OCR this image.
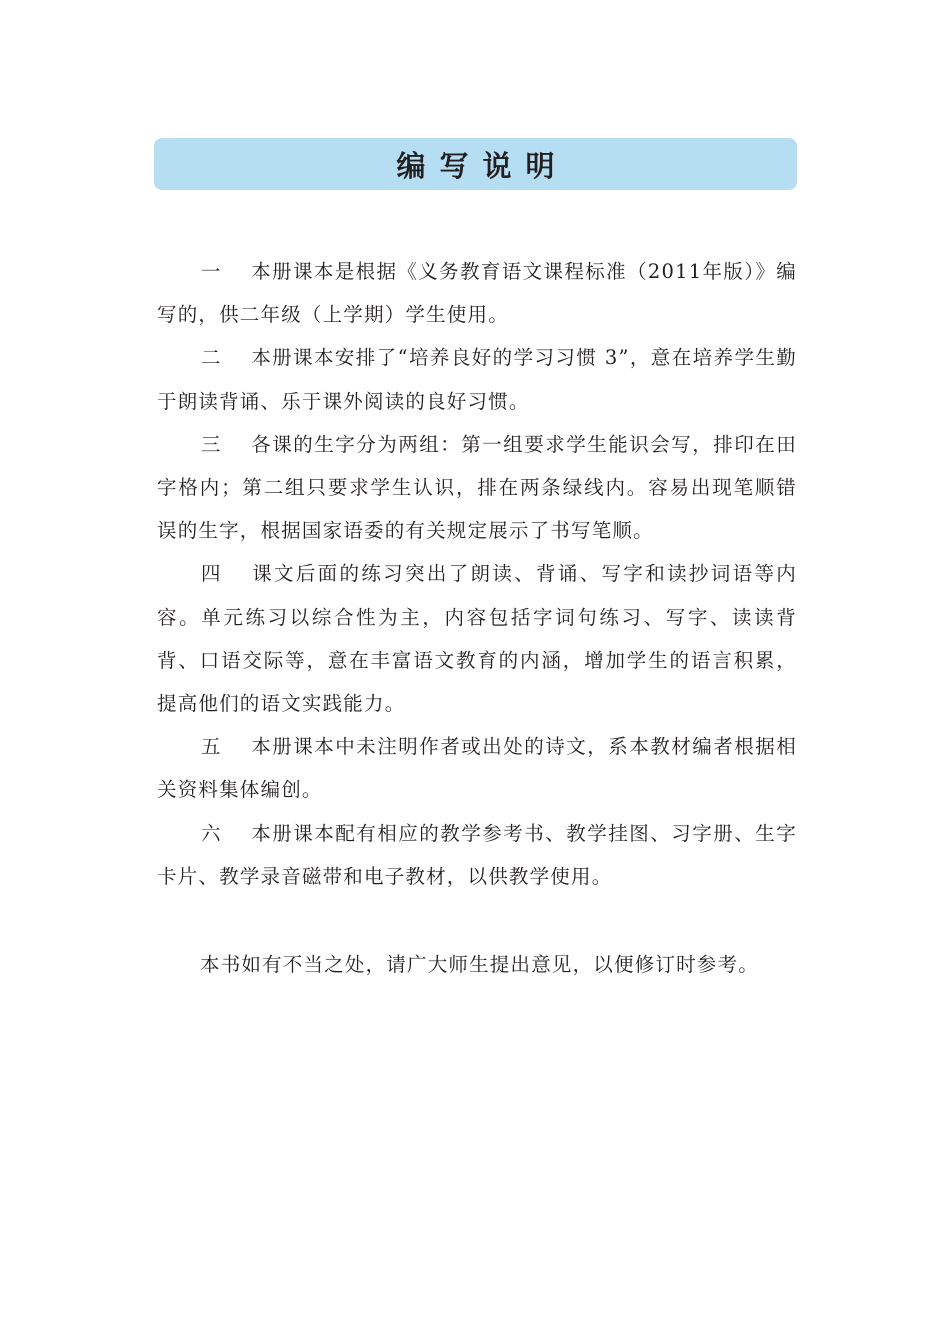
编写说明

一 本册课本是根据《义务教育语文课程标准（2011年版）》编写的，供二年级（上学期）学生使用。

二 本册课本安排了“培养良好的学习习惯 3”，意在培养学生勤于朗读背诵、乐于课外阅读的良好习惯。

三 各课的生字分为两组：第一组要求学生能识会写，排印在田字格内；第二组只要求学生认识，排在两条绿线内。容易出现笔顺错误的生字，根据国家语委的有关规定展示了书写笔顺。

四 课文后面的练习突出了朗读、背诵、写字和读抄词语等内容。单元练习以综合性为主，内容包括字词句练习、写字、读读背背、口语交际等，意在丰富语文教育的内涵，增加学生的语言积累，提高他们的语文实践能力。

五 本册课本中未注明作者或出处的诗文，系本教材编者根据相关资料集体编创。

六 本册课本配有相应的教学参考书、教学挂图、习字册、生字卡片、教学录音磁带和电子教材，以供教学使用。

本书如有不当之处，请广大师生提出意见，以便修订时参考。
